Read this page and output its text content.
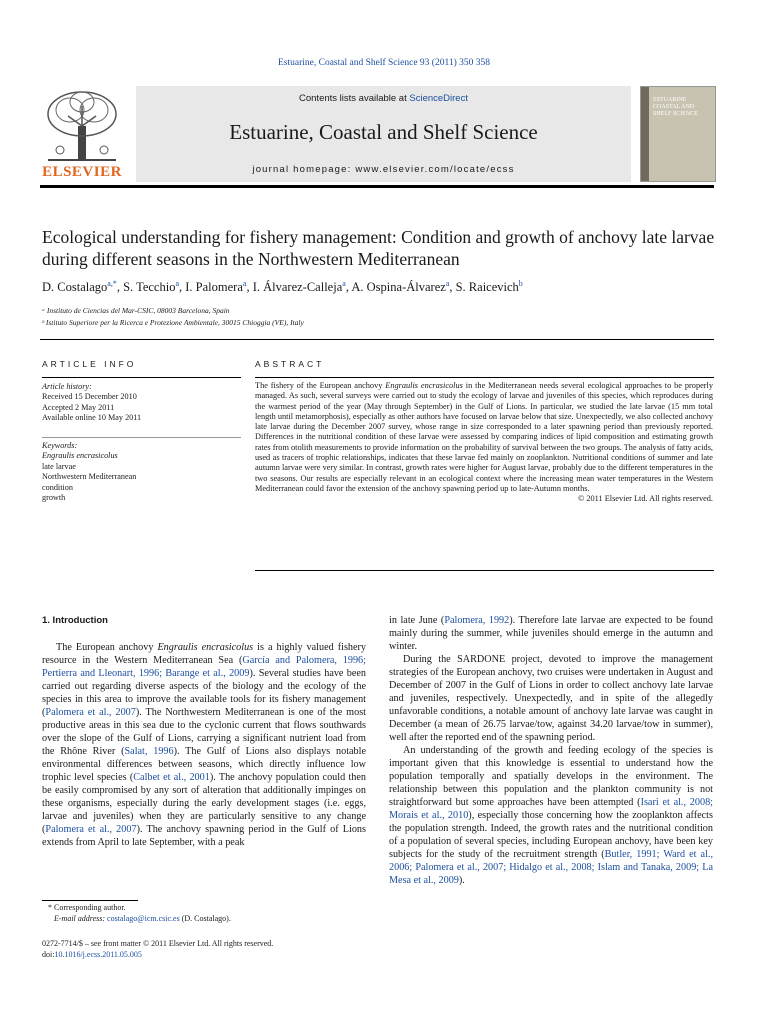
Estuarine, Coastal and Shelf Science 93 (2011) 350 358
ELSEVIER
Contents lists available at ScienceDirect
Estuarine, Coastal and Shelf Science
journal homepage: www.elsevier.com/locate/ecss
ESTUARINE COASTAL AND SHELF SCIENCE
Ecological understanding for fishery management: Condition and growth of anchovy late larvae during different seasons in the Northwestern Mediterranean
D. Costalago$^{a,*}$, S. Tecchio$^a$, I. Palomera$^a$, I. Álvarez-Calleja$^a$, A. Ospina-Álvarez$^a$, S. Raicevich$^b$
ᵃ Instituto de Ciencias del Mar-CSIC, 08003 Barcelona, Spain
ᵇ Istituto Superiore per la Ricerca e Protezione Ambientale, 30015 Chioggia (VE), Italy
ARTICLE INFO
Article history:
Received 15 December 2010
Accepted 2 May 2011
Available online 10 May 2011
Keywords:
Engraulis encrasicolus
late larvae
Northwestern Mediterranean
condition
growth
ABSTRACT
The fishery of the European anchovy Engraulis encrasicolus in the Mediterranean needs several ecological approaches to be properly managed. As such, several surveys were carried out to study the ecology of larvae and juveniles of this species, which reproduces during the warmest period of the year (May through September) in the Gulf of Lions. In particular, we studied the late larvae (15 mm total length until metamorphosis), especially as other authors have focused on larvae below that size. Unexpectedly, we also collected anchovy late larvae during the December 2007 survey, whose range in size corresponded to a later spawning period than previously reported. Differences in the nutritional condition of these larvae were assessed by comparing indices of lipid composition and estimating growth rates from otolith measurements to provide information on the probability of survival between the two groups. The analysis of fatty acids, used as tracers of trophic relationships, indicates that these larvae fed mainly on zooplankton. Nutritional conditions of summer and late autumn larvae were very similar. In contrast, growth rates were higher for August larvae, probably due to the different temperatures in the two seasons. Our results are especially relevant in an ecological context where the increasing mean water temperatures in the Western Mediterranean could favor the extension of the anchovy spawning period up to late-Autumn months.
© 2011 Elsevier Ltd. All rights reserved.
1. Introduction

The European anchovy Engraulis encrasicolus is a highly valued fishery resource in the Western Mediterranean Sea (García and Palomera, 1996; Pertierra and Lleonart, 1996; Barange et al., 2009). Several studies have been carried out regarding diverse aspects of the biology and the ecology of the species in this area to improve the available tools for its fishery management (Palomera et al., 2007). The Northwestern Mediterranean is one of the most productive areas in this sea due to the cyclonic current that flows southwards over the slope of the Gulf of Lions, carrying a significant nutrient load from the Rhône River (Salat, 1996). The Gulf of Lions also displays notable environmental differences between seasons, which directly influence low trophic level species (Calbet et al., 2001). The anchovy population could then be easily compromised by any sort of alteration that additionally impinges on these organisms, especially during the early development stages (i.e. eggs, larvae and juveniles) when they are particularly sensitive to any change (Palomera et al., 2007). The anchovy spawning period in the Gulf of Lions extends from April to late September, with a peak

in late June (Palomera, 1992). Therefore late larvae are expected to be found mainly during the summer, while juveniles should emerge in the autumn and winter.

During the SARDONE project, devoted to improve the management strategies of the European anchovy, two cruises were undertaken in August and December of 2007 in the Gulf of Lions in order to collect anchovy late larvae and juveniles, respectively. Unexpectedly, and in spite of the allegedly unfavorable conditions, a notable amount of anchovy late larvae was caught in December (a mean of 26.75 larvae/tow, against 34.20 larvae/tow in summer), well after the reported end of the spawning period.

An understanding of the growth and feeding ecology of the species is important given that this knowledge is essential to understand how the population temporally and spatially develops in the environment. The relationship between this population and the plankton community is not straightforward but some approaches have been attempted (Isari et al., 2008; Morais et al., 2010), especially those concerning how the zooplankton affects the population strength. Indeed, the growth rates and the nutritional condition of a population of several species, including European anchovy, have been key subjects for the study of the recruitment strength (Butler, 1991; Ward et al., 2006; Palomera et al., 2007; Hidalgo et al., 2008; Islam and Tanaka, 2009; La Mesa et al., 2009).

* Corresponding author.
E-mail address: costalago@icm.csic.es (D. Costalago).
0272-7714/$ – see front matter © 2011 Elsevier Ltd. All rights reserved.
doi:10.1016/j.ecss.2011.05.005
